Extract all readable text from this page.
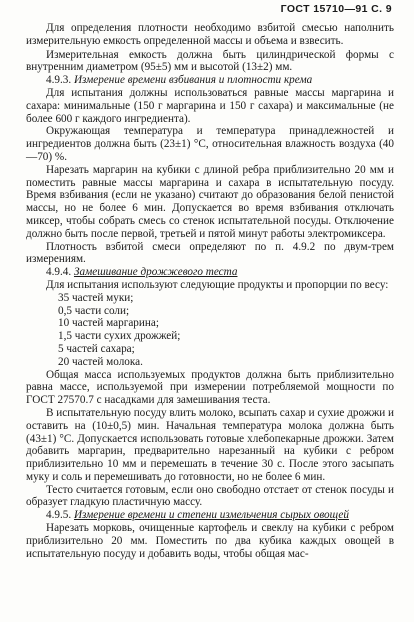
ГОСТ 15710—91 С. 9

Для определения плотности необходимо взбитой смесью наполнить измерительную емкость определенной массы и объема и взвесить.

Измерительная емкость должна быть цилиндрической формы с внутренним диаметром (95±5) мм и высотой (13±2) мм.

4.9.3. Измерение времени взбивания и плотности крема

Для испытания должны использоваться равные массы маргарина и сахара: минимальные (150 г маргарина и 150 г сахара) и максимальные (не более 600 г каждого ингредиента).

Окружающая температура и температура принадлежностей и ингредиентов должна быть (23±1) °С, относительная влажность воздуха (40—70) %.

Нарезать маргарин на кубики с длиной ребра приблизительно 20 мм и поместить равные массы маргарина и сахара в испытательную посуду. Время взбивания (если не указано) считают до образования белой пенистой массы, но не более 6 мин. Допускается во время взбивания отключать миксер, чтобы собрать смесь со стенок испытательной посуды. Отключение должно быть после первой, третьей и пятой минут работы электромиксера.

Плотность взбитой смеси определяют по п. 4.9.2 по двум-трем измерениям.

4.9.4. Замешивание дрожжевого теста

Для испытания используют следующие продукты и пропорции по весу:

35 частей муки;
0,5 части соли;
10 частей маргарина;
1,5 части сухих дрожжей;
5 частей сахара;
20 частей молока.

Общая масса используемых продуктов должна быть приблизительно равна массе, используемой при измерении потребляемой мощности по ГОСТ 27570.7 с насадками для замешивания теста.

В испытательную посуду влить молоко, всыпать сахар и сухие дрожжи и оставить на (10±0,5) мин. Начальная температура молока должна быть (43±1) °С. Допускается использовать готовые хлебопекарные дрожжи. Затем добавить маргарин, предварительно нарезанный на кубики с ребром приблизительно 10 мм и перемешать в течение 30 с. После этого засыпать муку и соль и перемешивать до готовности, но не более 6 мин.

Тесто считается готовым, если оно свободно отстает от стенок посуды и образует гладкую пластичную массу.

4.9.5. Измерение времени и степени измельчения сырых овощей

Нарезать морковь, очищенные картофель и свеклу на кубики с ребром приблизительно 20 мм. Поместить по два кубика каждых овощей в испытательную посуду и добавить воды, чтобы общая мас-
